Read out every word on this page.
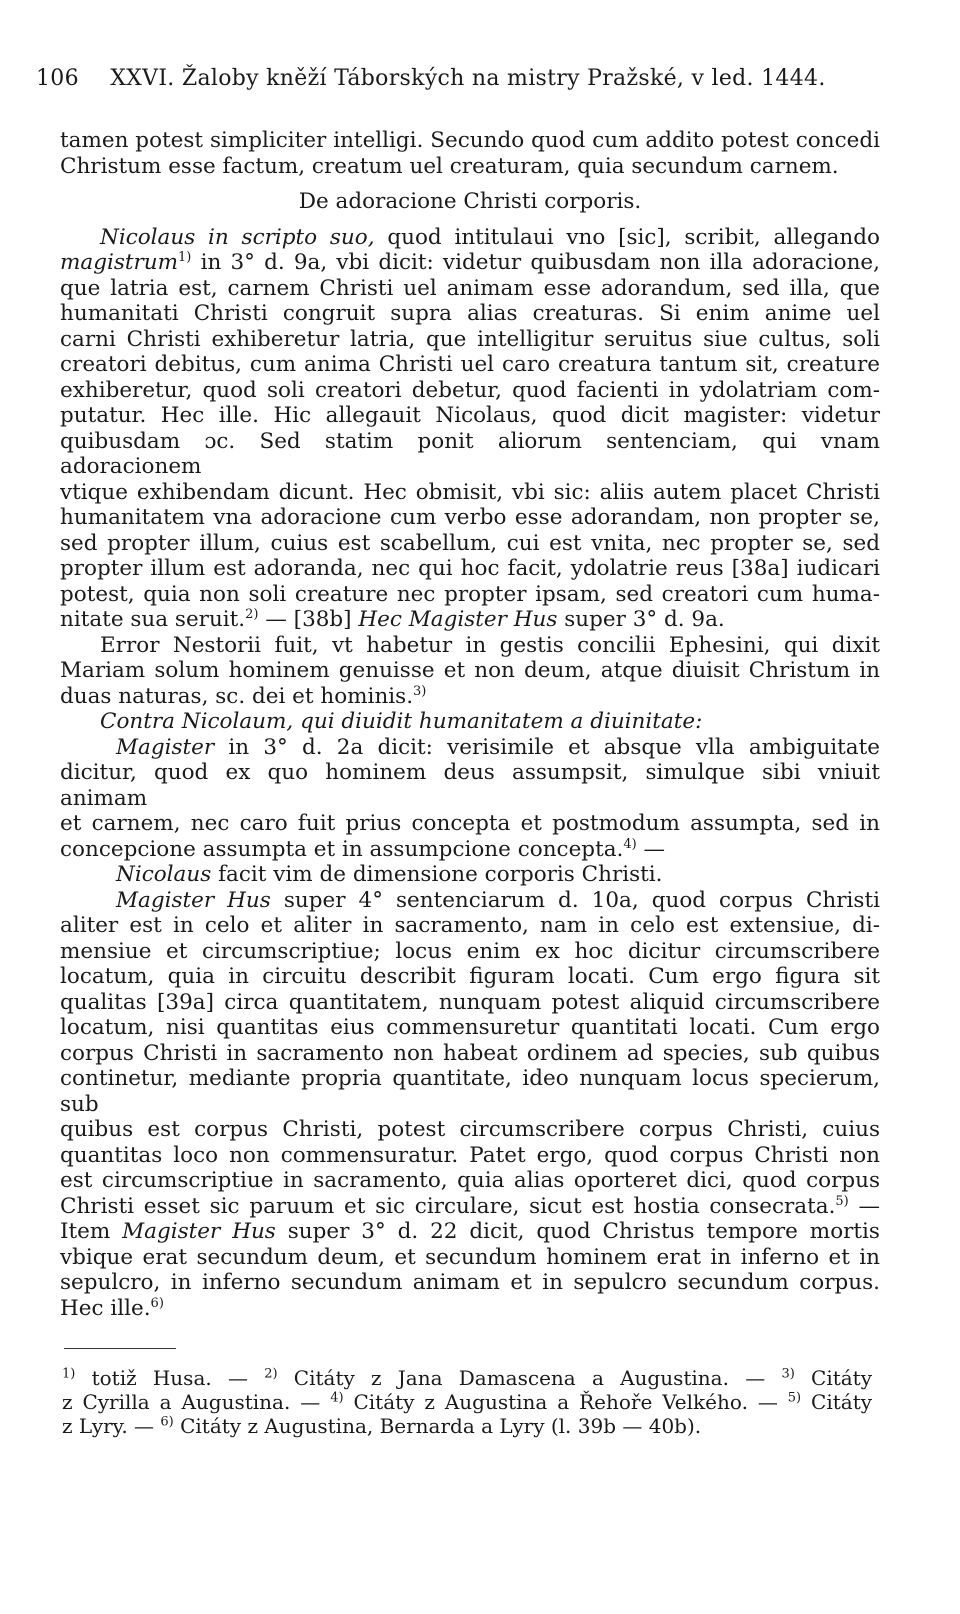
106 XXVI. Žaloby kněží Táborských na mistry Pražské, v led. 1444.
tamen potest simpliciter intelligi. Secundo quod cum addito potest concedi
Christum esse factum, creatum uel creaturam, quia secundum carnem.
De adoracione Christi corporis.
Nicolaus in scripto suo, quod intitulaui vno [sic], scribit, allegando
magistrum$^{1)}$ in 3° d. 9a, vbi dicit: videtur quibusdam non illa adoracione,
que latria est, carnem Christi uel animam esse adorandum, sed illa, que
humanitati Christi congruit supra alias creaturas. Si enim anime uel
carni Christi exhiberetur latria, que intelligitur seruitus siue cultus, soli
creatori debitus, cum anima Christi uel caro creatura tantum sit, creature
exhiberetur, quod soli creatori debetur, quod facienti in ydolatriam com-
putatur. Hec ille. Hic allegauit Nicolaus, quod dicit magister: videtur
quibusdam ɔc. Sed statim ponit aliorum sentenciam, qui vnam adoracionem
vtique exhibendam dicunt. Hec obmisit, vbi sic: aliis autem placet Christi
humanitatem vna adoracione cum verbo esse adorandam, non propter se,
sed propter illum, cuius est scabellum, cui est vnita, nec propter se, sed
propter illum est adoranda, nec qui hoc facit, ydolatrie reus [38a] iudicari
potest, quia non soli creature nec propter ipsam, sed creatori cum huma-
nitate sua seruit.$^{2)}$ — [38b] Hec Magister Hus super 3° d. 9a.
Error Nestorii fuit, vt habetur in gestis concilii Ephesini, qui dixit
Mariam solum hominem genuisse et non deum, atque diuisit Christum in
duas naturas, sc. dei et hominis.$^{3)}$
Contra Nicolaum, qui diuidit humanitatem a diuinitate:
Magister in 3° d. 2a dicit: verisimile et absque vlla ambiguitate
dicitur, quod ex quo hominem deus assumpsit, simulque sibi vniuit animam
et carnem, nec caro fuit prius concepta et postmodum assumpta, sed in
concepcione assumpta et in assumpcione concepta.$^{4)}$ —
Nicolaus facit vim de dimensione corporis Christi.
Magister Hus super 4° sentenciarum d. 10a, quod corpus Christi
aliter est in celo et aliter in sacramento, nam in celo est extensiue, di-
mensiue et circumscriptiue; locus enim ex hoc dicitur circumscribere
locatum, quia in circuitu describit figuram locati. Cum ergo figura sit
qualitas [39a] circa quantitatem, nunquam potest aliquid circumscribere
locatum, nisi quantitas eius commensuretur quantitati locati. Cum ergo
corpus Christi in sacramento non habeat ordinem ad species, sub quibus
continetur, mediante propria quantitate, ideo nunquam locus specierum, sub
quibus est corpus Christi, potest circumscribere corpus Christi, cuius
quantitas loco non commensuratur. Patet ergo, quod corpus Christi non
est circumscriptiue in sacramento, quia alias oporteret dici, quod corpus
Christi esset sic paruum et sic circulare, sicut est hostia consecrata.$^{5)}$ —
Item Magister Hus super 3° d. 22 dicit, quod Christus tempore mortis
vbique erat secundum deum, et secundum hominem erat in inferno et in
sepulcro, in inferno secundum animam et in sepulcro secundum corpus.
Hec ille.$^{6)}$
$^{1)}$ totiž Husa. — $^{2)}$ Citáty z Jana Damascena a Augustina. — $^{3)}$ Citáty
z Cyrilla a Augustina. — $^{4)}$ Citáty z Augustina a Řehoře Velkého. — $^{5)}$ Citáty
z Lyry. — $^{6)}$ Citáty z Augustina, Bernarda a Lyry (l. 39b — 40b).
